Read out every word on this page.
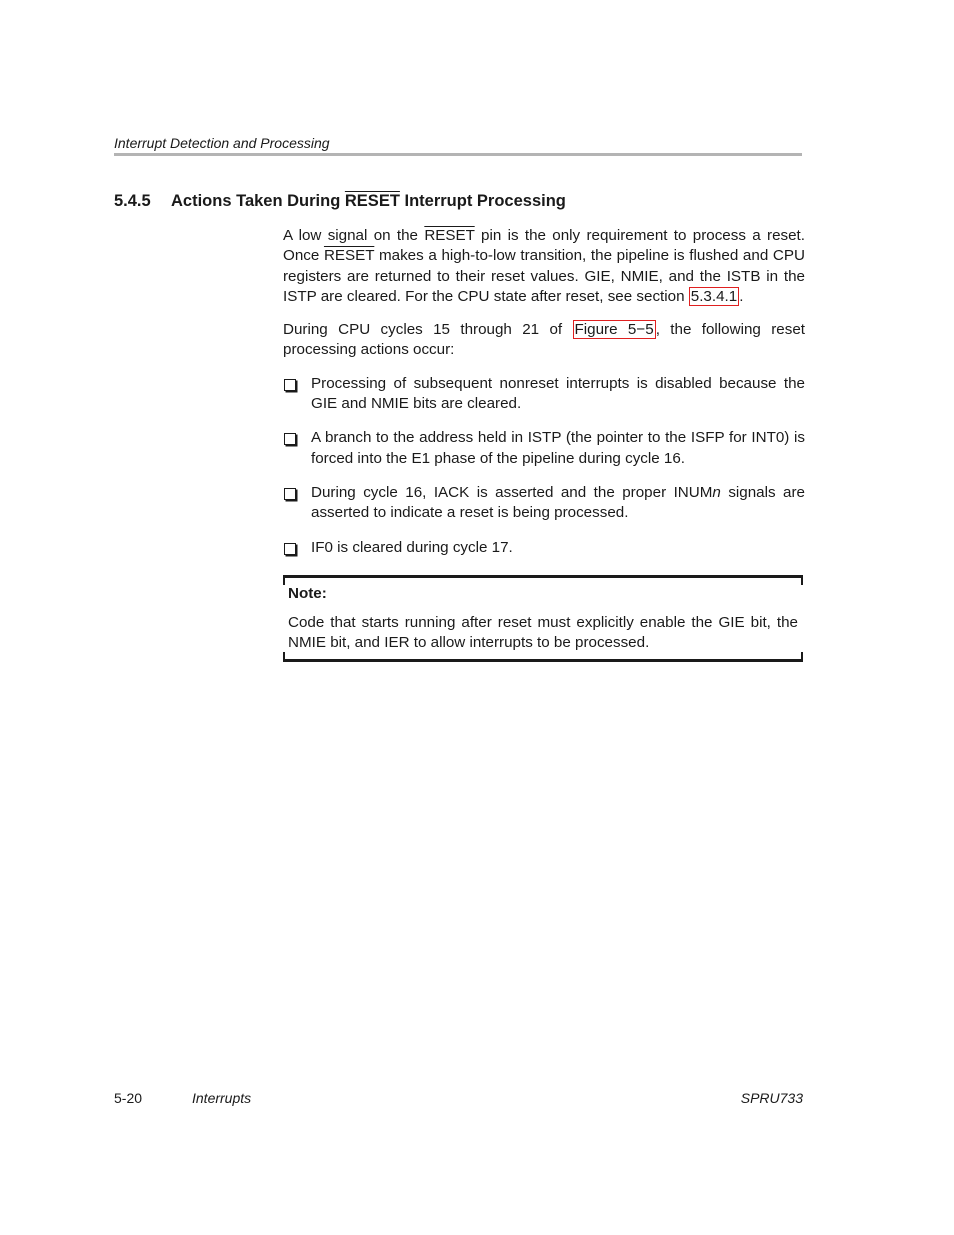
Interrupt Detection and Processing
5.4.5 Actions Taken During RESET Interrupt Processing

A low signal on the RESET pin is the only requirement to process a reset. Once RESET makes a high-to-low transition, the pipeline is flushed and CPU registers are returned to their reset values. GIE, NMIE, and the ISTB in the ISTP are cleared. For the CPU state after reset, see section 5.3.4.1 .

During CPU cycles 15 through 21 of Figure 5−5 , the following reset processing actions occur:

Processing of subsequent nonreset interrupts is disabled because the GIE and NMIE bits are cleared.
A branch to the address held in ISTP (the pointer to the ISFP for INT0) is forced into the E1 phase of the pipeline during cycle 16.
During cycle 16, IACK is asserted and the proper INUMn signals are asserted to indicate a reset is being processed.
IF0 is cleared during cycle 17.
Note:
Code that starts running after reset must explicitly enable the GIE bit, the NMIE bit, and IER to allow interrupts to be processed.
5-20	Interrupts	SPRU733
